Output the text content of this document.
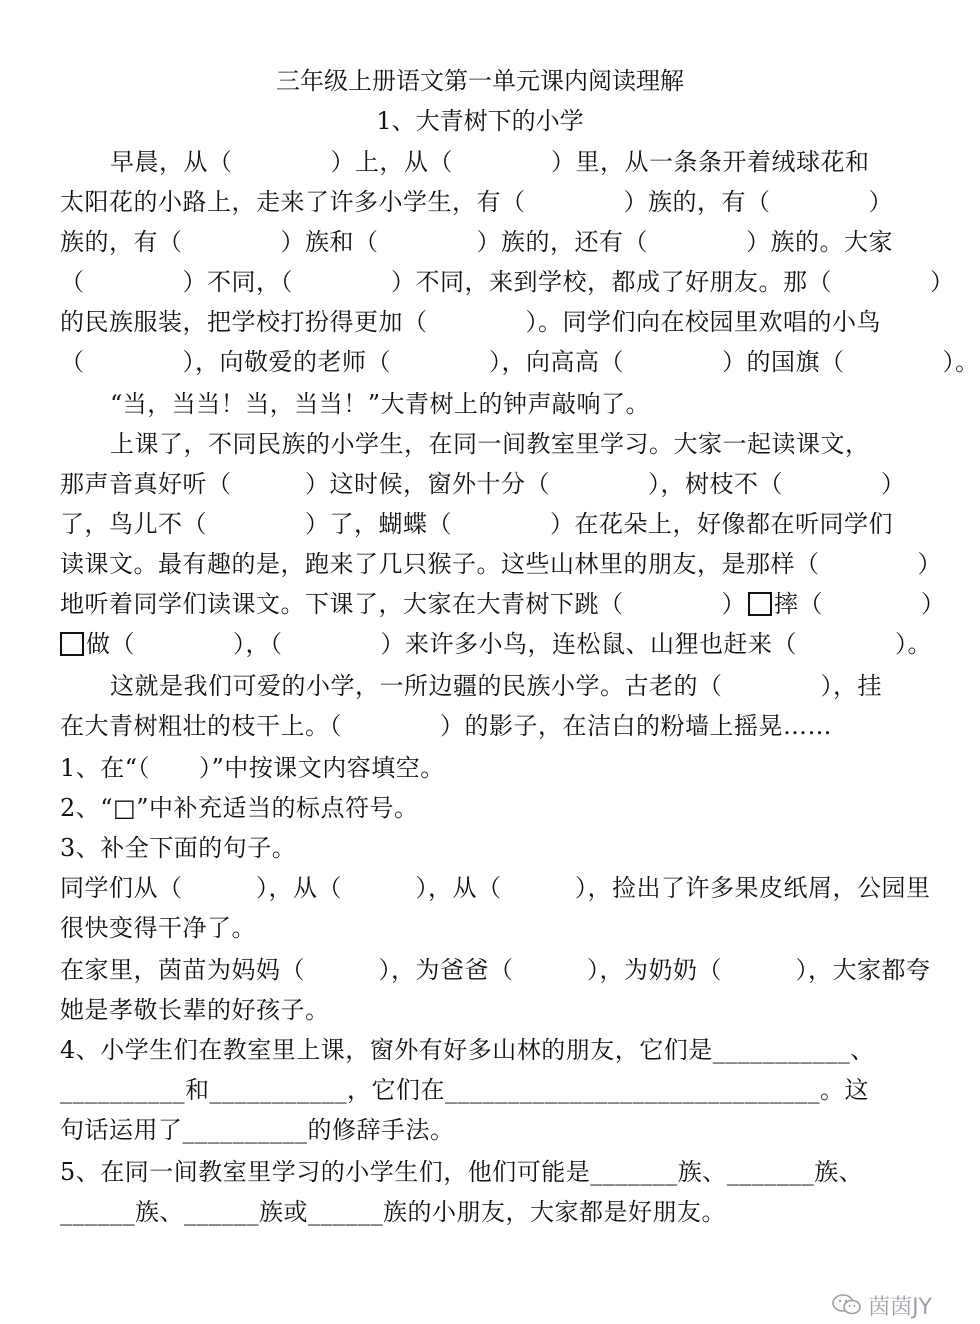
三年级上册语文第一单元课内阅读理解
1、大青树下的小学
早晨，从（　　　　）上，从（　　　　）里，从一条条开着绒球花和
太阳花的小路上，走来了许多小学生，有（　　　　）族的，有（　　　　）
族的，有（　　　　）族和（　　　　）族的，还有（　　　　）族的。大家
（　　　　）不同，（　　　　）不同，来到学校，都成了好朋友。那（　　　　）
的民族服装，把学校打扮得更加（　　　　）。同学们向在校园里欢唱的小鸟
（　　　　），向敬爱的老师（　　　　），向高高（　　　　）的国旗（　　　　）。
“当，当当！当，当当！”大青树上的钟声敲响了。
上课了，不同民族的小学生，在同一间教室里学习。大家一起读课文，
那声音真好听（　　　）这时候，窗外十分（　　　　），树枝不（　　　　）
了，鸟儿不（　　　　）了，蝴蝶（　　　　）在花朵上，好像都在听同学们
读课文。最有趣的是，跑来了几只猴子。这些山林里的朋友，是那样（　　　　）
地听着同学们读课文。下课了，大家在大青树下跳（　　　　） 摔（　　　　）
做（　　　　），（　　　　）来许多小鸟，连松鼠、山狸也赶来（　　　　）。
这就是我们可爱的小学，一所边疆的民族小学。古老的（　　　　），挂
在大青树粗壮的枝干上。（　　　　）的影子，在洁白的粉墙上摇晃……
1、在“（　　）”中按课文内容填空。
2、“□”中补充适当的标点符号。
3、补全下面的句子。
同学们从（　　　），从（　　　），从（　　　），捡出了许多果皮纸屑，公园里
很快变得干净了。
在家里，茵苗为妈妈（　　　），为爸爸（　　　），为奶奶（　　　），大家都夸
她是孝敬长辈的好孩子。
4、小学生们在教室里上课，窗外有好多山林的朋友，它们是___________、
__________和___________，它们在______________________________。这
句话运用了__________的修辞手法。
5、在同一间教室里学习的小学生们，他们可能是_______族、_______族、
______族、______族或______族的小朋友，大家都是好朋友。
茵茵JY
